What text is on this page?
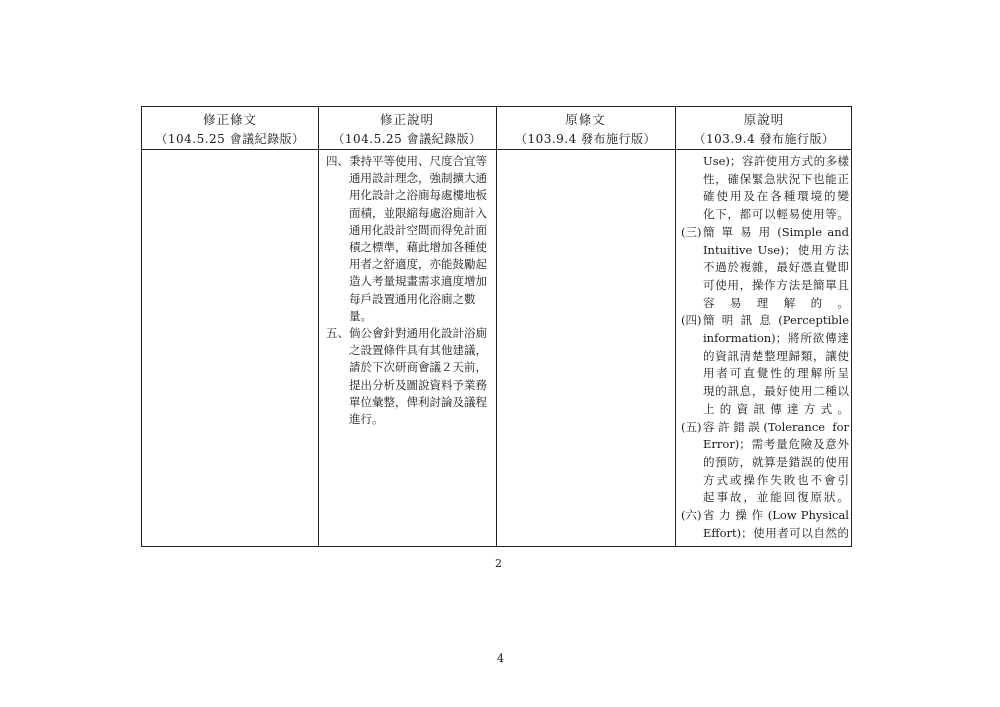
修正條文
（104.5.25 會議紀錄版）
修正說明
（104.5.25 會議紀錄版）
原條文
（103.9.4 發布施行版）
原說明
（103.9.4 發布施行版）
四、 秉持平等使用、尺度合宜等
通用設計理念，強制擴大通
用化設計之浴廁每處樓地板
面積，並限縮每處浴廁計入
通用化設計空間而得免計面
積之標準，藉此增加各種使
用者之舒適度，亦能鼓勵起
造人考量規畫需求適度增加
每戶設置通用化浴廁之數
量。
五、 倘公會針對通用化設計浴廁
之設置條件具有其他建議，
請於下次研商會議２天前，
提出分析及圖說資料予業務
單位彙整，俾利討論及議程
進行。
Use)；容許使用方式的多樣
性，確保緊急狀況下也能正
確使用及在各種環境的變
化下，都可以輕易使用等。
(三) 簡 單 易 用 (Simple and
Intuitive Use)；使用方法
不過於複雜，最好憑直覺即
可使用，操作方法是簡單且
容易理解的。
(四) 簡 明 訊 息 (Perceptible
information)；將所欲傳達
的資訊清楚整理歸類，讓使
用者可直覺性的理解所呈
現的訊息，最好使用二種以
上的資訊傳達方式。
(五) 容許錯誤(Tolerance for
Error)；需考量危險及意外
的預防，就算是錯誤的使用
方式或操作失敗也不會引
起事故，並能回復原狀。
(六) 省 力 操 作 (Low Physical
Effort)；使用者可以自然的
2
4
